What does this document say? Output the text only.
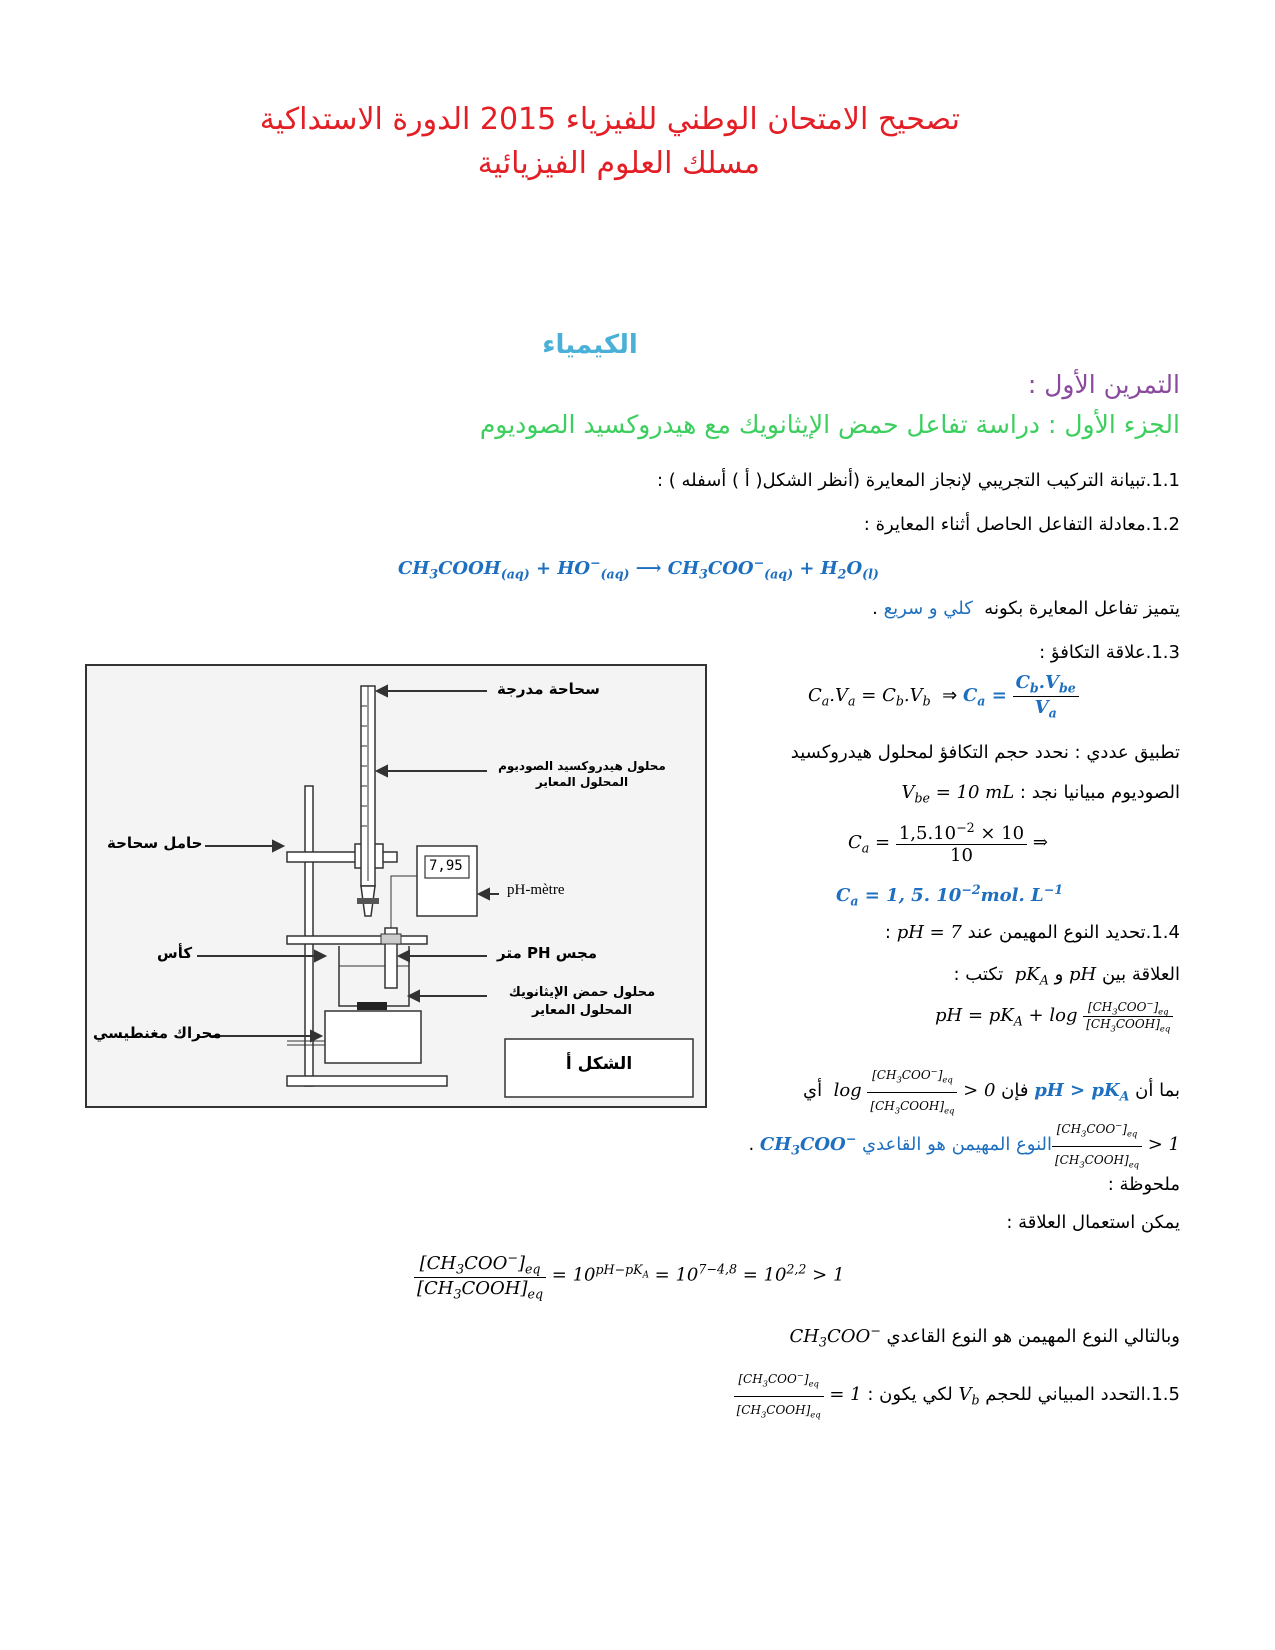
تصحيح الامتحان الوطني للفيزياء 2015 الدورة الاستداكية
مسلك العلوم الفيزيائية
الكيمياء
التمرين الأول :
الجزء الأول : دراسة تفاعل حمض الإيثانويك مع هيدروكسيد الصوديوم
1.1.تبيانة التركيب التجريبي لإنجاز المعايرة (أنظر الشكل( أ ) أسفله ) :
1.2.معادلة التفاعل الحاصل أثناء المعايرة :
$CH_3COOH_{(aq)} + HO^-_{(aq)}$ ⟶ $CH_3COO^-_{(aq)} + H_2O_{(l)}$
يتميز تفاعل المعايرة بكونه  كلي و سريع .
1.3.علاقة التكافؤ :
$C_a.V_a = C_b.V_b$  ⇒ $C_a = \frac{C_b.V_{be}}{V_a}$
تطبيق عددي : نحدد حجم التكافؤ لمحلول هيدروكسيد
الصوديوم مبيانيا نجد : $V_{be} = 10$ mL
$C_a = \frac{1,5.10^{-2} \times 10}{10}$ ⇒
$C_a = 1$, 5. $10^{-2}mol$. $L^{-1}$
1.4.تحديد النوع المهيمن عند pH = 7 :
العلاقة بين pH و $pK_A$  تكتب :
pH = $pK_A + \log \frac{[CH_3COO^-]_{eq}}{[CH_3COOH]_{eq}}$
بما أن pH > $pK_A$ فإن $\log \frac{[CH_3COO^-]_{eq}}{[CH_3COOH]_{eq}} > 0$  أي
$\frac{[CH_3COO^-]_{eq}}{[CH_3COOH]_{eq}}$ > 1النوع المهيمن هو القاعدي $CH_3COO^-$ .
ملحوظة :
يمكن استعمال العلاقة :
$\frac{[CH_3COO^-]_{eq}}{[CH_3COOH]_{eq}} = 10^{pH-pK_A} = 10^{7-4,8} = 10^{2,2} > 1$
وبالتالي النوع المهيمن هو النوع القاعدي $CH_3COO^-$
1.5.التحدد المبياني للحجم $V_b$ لكي يكون :
$\frac{[CH_3COO^-]_{eq}}{[CH_3COOH]_{eq}} = 1$
سحاحة مدرجة
محلول هيدروكسيد الصوديوم المحلول المعاير
حامل سحاحة
7,95
pH-mètre
كأس	مجس PH متر
محلول حمض الإيثانويك المحلول المعاير
محراك مغنطيسي
الشكل أ
